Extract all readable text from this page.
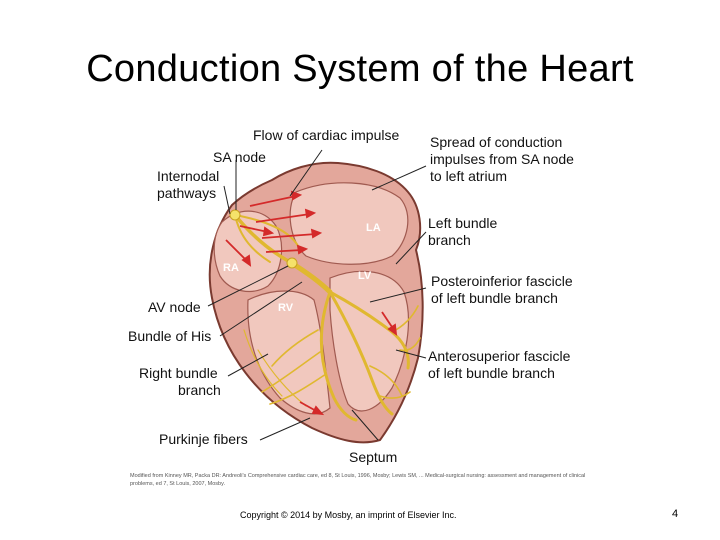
Conduction System of the Heart
LA
RA
LV
RV
Flow of cardiac impulse
SA node
Internodal
pathways
AV node
Bundle of His
Right bundle
branch
Purkinje fibers
Spread of conduction
impulses from SA node
to left atrium
Left bundle
branch
Posteroinferior fascicle
of left bundle branch
Anterosuperior fascicle
of left bundle branch
Septum
Modified from Kinney MR, Packa DR: Andreoli's Comprehensive cardiac care, ed 8, St Louis, 1996, Mosby; Lewis SM, ... Medical-surgical nursing: assessment and management of clinical problems, ed 7, St Louis, 2007, Mosby.
Copyright © 2014 by Mosby, an imprint of Elsevier Inc.	4
